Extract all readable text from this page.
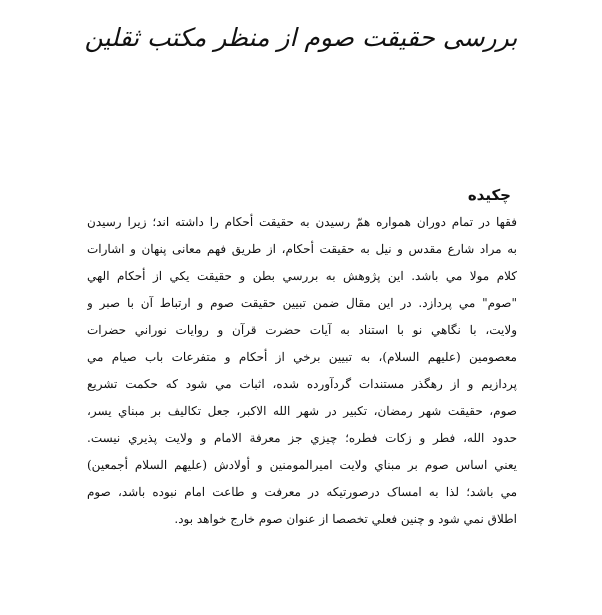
بررسی حقیقت صوم از منظر مکتب ثقلین
چکیده
فقها در تمام دوران همواره همّ رسیدن به حقیقت أحکام را داشته اند؛ زیرا رسیدن
به مراد شارع مقدس و نیل به حقیقت أحکام، از طریق فهم معانی پنهان و اشارات
کلام مولا مي باشد. این پژوهش به بررسي بطن و حقیقت یکي از أحکام الهي
"صوم" مي پردازد. در این مقال ضمن تبیین حقیقت صوم و ارتباط آن با صبر و
ولایت، با نگاهي نو با استناد به آیات حضرت قرآن و روایات نوراني حضرات
معصومین (علیهم السلام)، به تبیین برخي از أحکام و متفرعات باب صیام مي
پردازیم و از رهگذر مستندات گردآورده شده، اثبات مي شود که حکمت تشریع
صوم، حقیقت شهر رمضان، تکبیر در شهر الله الاکبر، جعل تکالیف بر مبناي یسر،
حدود الله، فطر و زکات فطره؛ چیزي جز معرفة الامام و ولایت پذیري نیست.
یعني اساس صوم بر مبناي ولایت امیرالمومنین و أولادش (علیهم السلام أجمعین)
مي باشد؛ لذا به امساک درصورتیکه در معرفت و طاعت امام نبوده باشد، صوم
اطلاق نمي شود و چنین فعلي تخصصا از عنوان صوم خارج خواهد بود.
